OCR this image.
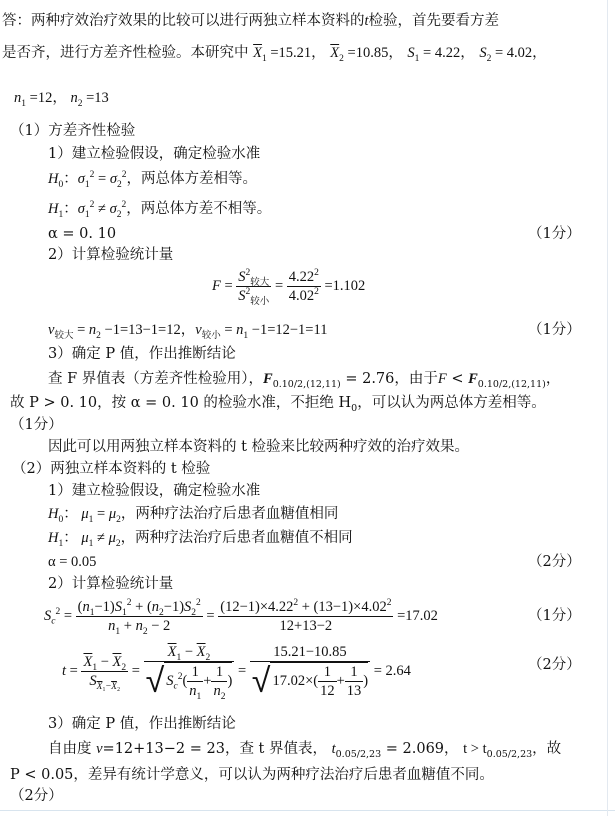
答：两种疗效治疗效果的比较可以进行两独立样本资料的t检验，首先要看方差
是否齐，进行方差齐性检验。本研究中 $\overline{X}_1 =15.21$， $\overline{X}_2 =10.85$， $S_1 = 4.22$， $S_2 = 4.02$，
$n_1 =12$， $n_2 =13$
（1）方差齐性检验
1）建立检验假设，确定检验水准
$H_0$：$\sigma_1^2 = \sigma_2^2$，两总体方差相等。
$H_1$：$\sigma_1^2 \ne \sigma_2^2$，两总体方差不相等。
α = 0. 10	（1分）
2）计算检验统计量
$F = \frac{S^2_{较大}}{S^2_{较小}} = \frac{4.22^2}{4.02^2} =1.102$
$\nu_{较大} = n_2 -1=13-1=12$，$\nu_{较小} = n_1 -1=12-1=11$	（1分）
3）确定 P 值，作出推断结论
查 F 界值表（方差齐性检验用），$F_{0.10/2,(12,11)} = 2.76$，由于$F < F_{0.10/2,(12,11)}$，
故 P > 0. 10，按 α = 0. 10 的检验水准，不拒绝 $H_0$，可以认为两总体方差相等。
（1分）
因此可以用两独立样本资料的 t 检验来比较两种疗效的治疗效果。
（2）两独立样本资料的 t 检验
1）建立检验假设，确定检验水准
$H_0$： $\mu_1 = \mu_2$，两种疗法治疗后患者血糖值相同
$H_1$： $\mu_1 \ne \mu_2$，两种疗法治疗后患者血糖值不相同
α = 0.05	（2分）
2）计算检验统计量
$S_c^2 = \frac{(n_1-1)S_1^2 + (n_2-1)S_2^2}{n_1 + n_2 - 2} = \frac{(12-1)\times 4.22^2 + (13-1)\times 4.02^2}{12+13-2} =17.02$	（1分）
$t = \frac{\overline{X}_1 - \overline{X}_2}{S_{\overline{X}_1-\overline{X}_2}} = \frac{\overline{X}_1 - \overline{X}_2}{√ S_c^2( \frac{1}{n_1} + \frac{1}{n_2} )} = \frac{15.21-10.85}{√ 17.02\times( \frac{1}{12} + \frac{1}{13} )} = 2.64$	（2分）
3）确定 P 值，作出推断结论
自由度 ν=12+13−2 = 23，查 t 界值表， $t_{0.05/2,23} = 2.069$， $t > t_{0.05/2,23}$，故
P < 0.05，差异有统计学意义，可以认为两种疗法治疗后患者血糖值不同。
（2分）
